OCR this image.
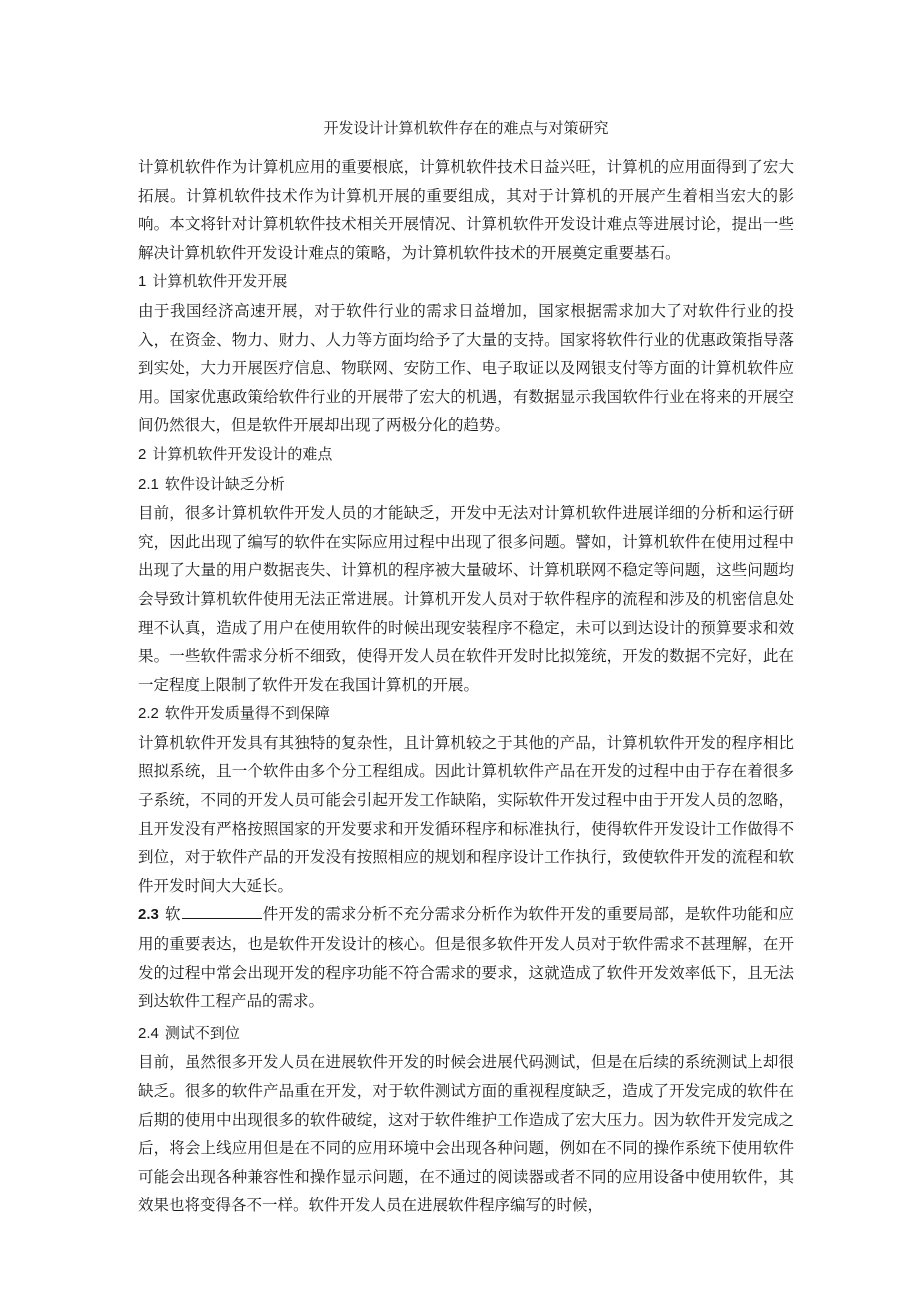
开发设计计算机软件存在的难点与对策研究

计算机软件作为计算机应用的重要根底，计算机软件技术日益兴旺，计算机的应用面得到了宏大拓展。计算机软件技术作为计算机开展的重要组成，其对于计算机的开展产生着相当宏大的影响。本文将针对计算机软件技术相关开展情况、计算机软件开发设计难点等进展讨论，提出一些解决计算机软件开发设计难点的策略，为计算机软件技术的开展奠定重要基石。

1 计算机软件开发开展

由于我国经济高速开展，对于软件行业的需求日益增加，国家根据需求加大了对软件行业的投入，在资金、物力、财力、人力等方面均给予了大量的支持。国家将软件行业的优惠政策指导落到实处，大力开展医疗信息、物联网、安防工作、电子取证以及网银支付等方面的计算机软件应用。国家优惠政策给软件行业的开展带了宏大的机遇，有数据显示我国软件行业在将来的开展空间仍然很大，但是软件开展却出现了两极分化的趋势。

2 计算机软件开发设计的难点
2.1 软件设计缺乏分析

目前，很多计算机软件开发人员的才能缺乏，开发中无法对计算机软件进展详细的分析和运行研究，因此出现了编写的软件在实际应用过程中出现了很多问题。譬如，计算机软件在使用过程中出现了大量的用户数据丧失、计算机的程序被大量破坏、计算机联网不稳定等问题，这些问题均会导致计算机软件使用无法正常进展。计算机开发人员对于软件程序的流程和涉及的机密信息处理不认真，造成了用户在使用软件的时候出现安装程序不稳定，未可以到达设计的预算要求和效果。一些软件需求分析不细致，使得开发人员在软件开发时比拟笼统，开发的数据不完好，此在一定程度上限制了软件开发在我国计算机的开展。

2.2 软件开发质量得不到保障

计算机软件开发具有其独特的复杂性，且计算机较之于其他的产品，计算机软件开发的程序相比照拟系统，且一个软件由多个分工程组成。因此计算机软件产品在开发的过程中由于存在着很多子系统，不同的开发人员可能会引起开发工作缺陷，实际软件开发过程中由于开发人员的忽略，且开发没有严格按照国家的开发要求和开发循环程序和标准执行，使得软件开发设计工作做得不到位，对于软件产品的开发没有按照相应的规划和程序设计工作执行，致使软件开发的流程和软件开发时间大大延长。

2.3 软	件开发的需求分析不充分需求分析作为软件开发的重要局部，是软件功能和应用的重要表达，也是软件开发设计的核心。但是很多软件开发人员对于软件需求不甚理解，在开发的过程中常会出现开发的程序功能不符合需求的要求，这就造成了软件开发效率低下，且无法到达软件工程产品的需求。

2.4 测试不到位

目前，虽然很多开发人员在进展软件开发的时候会进展代码测试，但是在后续的系统测试上却很缺乏。很多的软件产品重在开发，对于软件测试方面的重视程度缺乏，造成了开发完成的软件在后期的使用中出现很多的软件破绽，这对于软件维护工作造成了宏大压力。因为软件开发完成之后，将会上线应用但是在不同的应用环境中会出现各种问题，例如在不同的操作系统下使用软件可能会出现各种兼容性和操作显示问题，在不通过的阅读器或者不同的应用设备中使用软件，其效果也将变得各不一样。软件开发人员在进展软件程序编写的时候，
